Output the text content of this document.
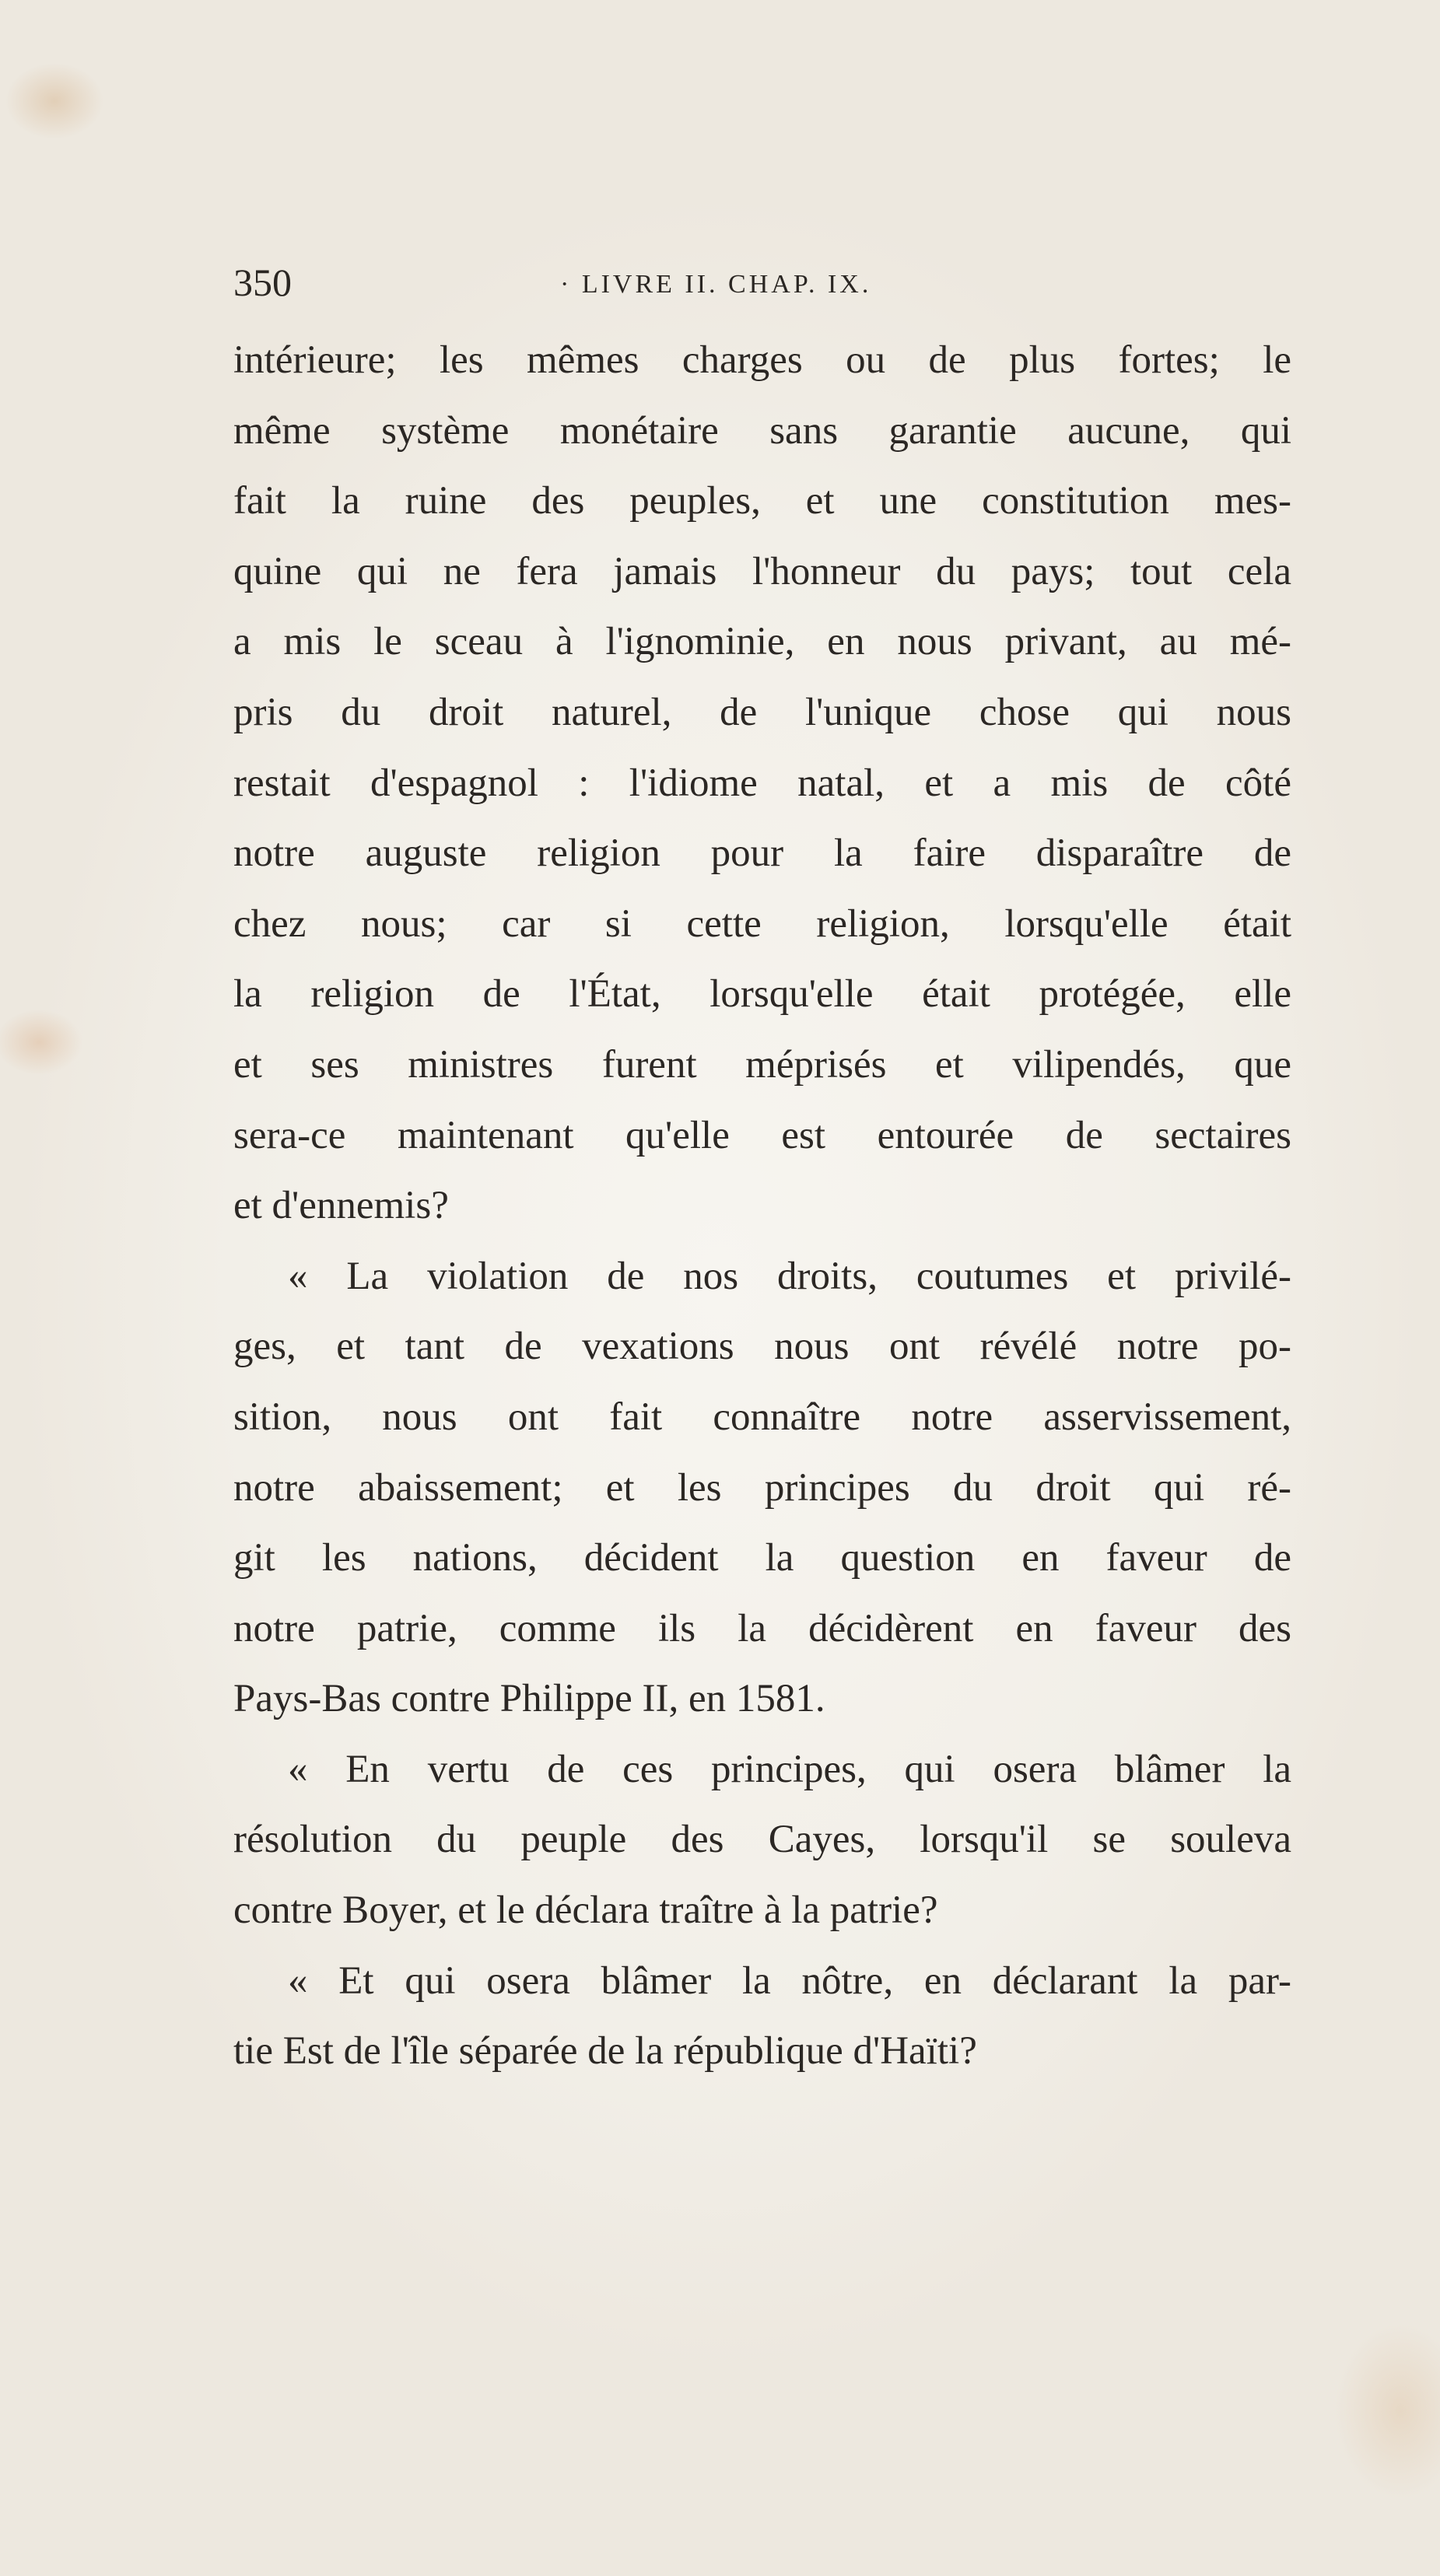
350	· LIVRE II. CHAP. IX.
intérieure; les mêmes charges ou de plus fortes; le
même système monétaire sans garantie aucune, qui
fait la ruine des peuples, et une constitution mes-
quine qui ne fera jamais l'honneur du pays; tout cela
a mis le sceau à l'ignominie, en nous privant, au mé-
pris du droit naturel, de l'unique chose qui nous
restait d'espagnol : l'idiome natal, et a mis de côté
notre auguste religion pour la faire disparaître de
chez nous; car si cette religion, lorsqu'elle était
la religion de l'État, lorsqu'elle était protégée, elle
et ses ministres furent méprisés et vilipendés, que
sera-ce maintenant qu'elle est entourée de sectaires
et d'ennemis?
« La violation de nos droits, coutumes et privilé-
ges, et tant de vexations nous ont révélé notre po-
sition, nous ont fait connaître notre asservissement,
notre abaissement; et les principes du droit qui ré-
git les nations, décident la question en faveur de
notre patrie, comme ils la décidèrent en faveur des
Pays-Bas contre Philippe II, en 1581.
« En vertu de ces principes, qui osera blâmer la
résolution du peuple des Cayes, lorsqu'il se souleva
contre Boyer, et le déclara traître à la patrie?
« Et qui osera blâmer la nôtre, en déclarant la par-
tie Est de l'île séparée de la république d'Haïti?
